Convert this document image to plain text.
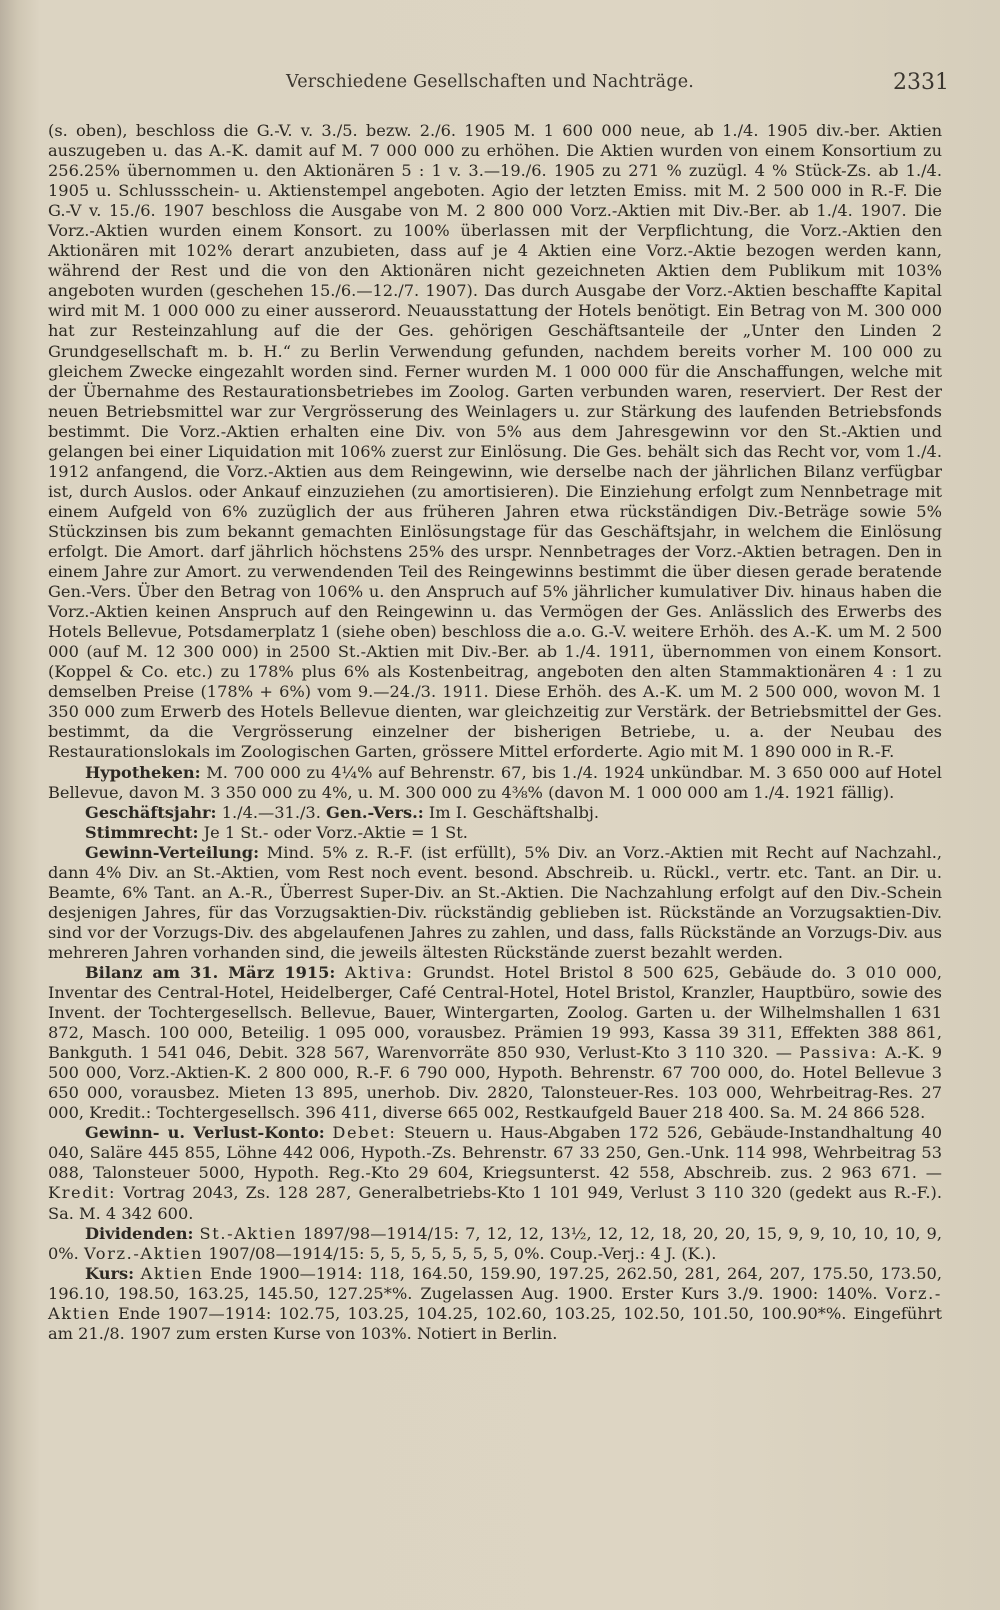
Verschiedene Gesellschaften und Nachträge.	2331

(s. oben), beschloss die G.-V. v. 3./5. bezw. 2./6. 1905 M. 1 600 000 neue, ab 1./4. 1905 div.-ber. Aktien auszugeben u. das A.-K. damit auf M. 7 000 000 zu erhöhen. Die Aktien wurden von einem Konsortium zu 256.25% übernommen u. den Aktionären 5 : 1 v. 3.—19./6. 1905 zu 271 % zuzügl. 4 % Stück-Zs. ab 1./4. 1905 u. Schlussschein- u. Aktienstempel angeboten. Agio der letzten Emiss. mit M. 2 500 000 in R.-F. Die G.-V v. 15./6. 1907 beschloss die Ausgabe von M. 2 800 000 Vorz.-Aktien mit Div.-Ber. ab 1./4. 1907. Die Vorz.-Aktien wurden einem Konsort. zu 100% überlassen mit der Verpflichtung, die Vorz.-Aktien den Aktionären mit 102% derart anzubieten, dass auf je 4 Aktien eine Vorz.-Aktie bezogen werden kann, während der Rest und die von den Aktionären nicht gezeichneten Aktien dem Publikum mit 103% angeboten wurden (geschehen 15./6.—12./7. 1907). Das durch Ausgabe der Vorz.-Aktien beschaffte Kapital wird mit M. 1 000 000 zu einer ausserord. Neuausstattung der Hotels benötigt. Ein Betrag von M. 300 000 hat zur Resteinzahlung auf die der Ges. gehörigen Geschäftsanteile der „Unter den Linden 2 Grundgesellschaft m. b. H.“ zu Berlin Verwendung gefunden, nachdem bereits vorher M. 100 000 zu gleichem Zwecke eingezahlt worden sind. Ferner wurden M. 1 000 000 für die Anschaffungen, welche mit der Übernahme des Restaurationsbetriebes im Zoolog. Garten verbunden waren, reserviert. Der Rest der neuen Betriebsmittel war zur Vergrösserung des Weinlagers u. zur Stärkung des laufenden Betriebsfonds bestimmt. Die Vorz.-Aktien erhalten eine Div. von 5% aus dem Jahresgewinn vor den St.-Aktien und gelangen bei einer Liquidation mit 106% zuerst zur Einlösung. Die Ges. behält sich das Recht vor, vom 1./4. 1912 anfangend, die Vorz.-Aktien aus dem Reingewinn, wie derselbe nach der jährlichen Bilanz verfügbar ist, durch Auslos. oder Ankauf einzuziehen (zu amortisieren). Die Einziehung erfolgt zum Nennbetrage mit einem Aufgeld von 6% zuzüglich der aus früheren Jahren etwa rückständigen Div.-Beträge sowie 5% Stückzinsen bis zum bekannt gemachten Einlösungstage für das Geschäftsjahr, in welchem die Einlösung erfolgt. Die Amort. darf jährlich höchstens 25% des urspr. Nennbetrages der Vorz.-Aktien betragen. Den in einem Jahre zur Amort. zu verwendenden Teil des Reingewinns bestimmt die über diesen gerade beratende Gen.-Vers. Über den Betrag von 106% u. den Anspruch auf 5% jährlicher kumulativer Div. hinaus haben die Vorz.-Aktien keinen Anspruch auf den Reingewinn u. das Vermögen der Ges. Anlässlich des Erwerbs des Hotels Bellevue, Potsdamerplatz 1 (siehe oben) beschloss die a.o. G.-V. weitere Erhöh. des A.-K. um M. 2 500 000 (auf M. 12 300 000) in 2500 St.-Aktien mit Div.-Ber. ab 1./4. 1911, übernommen von einem Konsort. (Koppel & Co. etc.) zu 178% plus 6% als Kostenbeitrag, angeboten den alten Stammaktionären 4 : 1 zu demselben Preise (178% + 6%) vom 9.—24./3. 1911. Diese Erhöh. des A.-K. um M. 2 500 000, wovon M. 1 350 000 zum Erwerb des Hotels Bellevue dienten, war gleichzeitig zur Verstärk. der Betriebsmittel der Ges. bestimmt, da die Vergrösserung einzelner der bisherigen Betriebe, u. a. der Neubau des Restaurationslokals im Zoologischen Garten, grössere Mittel erforderte. Agio mit M. 1 890 000 in R.-F.

Hypotheken: M. 700 000 zu 4¼% auf Behrenstr. 67, bis 1./4. 1924 unkündbar. M. 3 650 000 auf Hotel Bellevue, davon M. 3 350 000 zu 4%, u. M. 300 000 zu 4⅜% (davon M. 1 000 000 am 1./4. 1921 fällig).

Geschäftsjahr: 1./4.—31./3. Gen.-Vers.: Im I. Geschäftshalbj.

Stimmrecht: Je 1 St.- oder Vorz.-Aktie = 1 St.

Gewinn-Verteilung: Mind. 5% z. R.-F. (ist erfüllt), 5% Div. an Vorz.-Aktien mit Recht auf Nachzahl., dann 4% Div. an St.-Aktien, vom Rest noch event. besond. Abschreib. u. Rückl., vertr. etc. Tant. an Dir. u. Beamte, 6% Tant. an A.-R., Überrest Super-Div. an St.-Aktien. Die Nachzahlung erfolgt auf den Div.-Schein desjenigen Jahres, für das Vorzugsaktien-Div. rückständig geblieben ist. Rückstände an Vorzugsaktien-Div. sind vor der Vorzugs-Div. des abgelaufenen Jahres zu zahlen, und dass, falls Rückstände an Vorzugs-Div. aus mehreren Jahren vorhanden sind, die jeweils ältesten Rückstände zuerst bezahlt werden.

Bilanz am 31. März 1915: Aktiva: Grundst. Hotel Bristol 8 500 625, Gebäude do. 3 010 000, Inventar des Central-Hotel, Heidelberger, Café Central-Hotel, Hotel Bristol, Kranzler, Hauptbüro, sowie des Invent. der Tochtergesellsch. Bellevue, Bauer, Wintergarten, Zoolog. Garten u. der Wilhelmshallen 1 631 872, Masch. 100 000, Beteilig. 1 095 000, vorausbez. Prämien 19 993, Kassa 39 311, Effekten 388 861, Bankguth. 1 541 046, Debit. 328 567, Warenvorräte 850 930, Verlust-Kto 3 110 320. — Passiva: A.-K. 9 500 000, Vorz.-Aktien-K. 2 800 000, R.-F. 6 790 000, Hypoth. Behrenstr. 67 700 000, do. Hotel Bellevue 3 650 000, vorausbez. Mieten 13 895, unerhob. Div. 2820, Talonsteuer-Res. 103 000, Wehrbeitrag-Res. 27 000, Kredit.: Tochtergesellsch. 396 411, diverse 665 002, Restkaufgeld Bauer 218 400. Sa. M. 24 866 528.

Gewinn- u. Verlust-Konto: Debet: Steuern u. Haus-Abgaben 172 526, Gebäude-Instandhaltung 40 040, Saläre 445 855, Löhne 442 006, Hypoth.-Zs. Behrenstr. 67 33 250, Gen.-Unk. 114 998, Wehrbeitrag 53 088, Talonsteuer 5000, Hypoth. Reg.-Kto 29 604, Kriegsunterst. 42 558, Abschreib. zus. 2 963 671. — Kredit: Vortrag 2043, Zs. 128 287, Generalbetriebs-Kto 1 101 949, Verlust 3 110 320 (gedekt aus R.-F.). Sa. M. 4 342 600.

Dividenden: St.-Aktien 1897/98—1914/15: 7, 12, 12, 13½, 12, 12, 18, 20, 20, 15, 9, 9, 10, 10, 10, 9, 0%. Vorz.-Aktien 1907/08—1914/15: 5, 5, 5, 5, 5, 5, 5, 0%. Coup.-Verj.: 4 J. (K.).

Kurs: Aktien Ende 1900—1914: 118, 164.50, 159.90, 197.25, 262.50, 281, 264, 207, 175.50, 173.50, 196.10, 198.50, 163.25, 145.50, 127.25*%. Zugelassen Aug. 1900. Erster Kurs 3./9. 1900: 140%. Vorz.-Aktien Ende 1907—1914: 102.75, 103.25, 104.25, 102.60, 103.25, 102.50, 101.50, 100.90*%. Eingeführt am 21./8. 1907 zum ersten Kurse von 103%. Notiert in Berlin.
